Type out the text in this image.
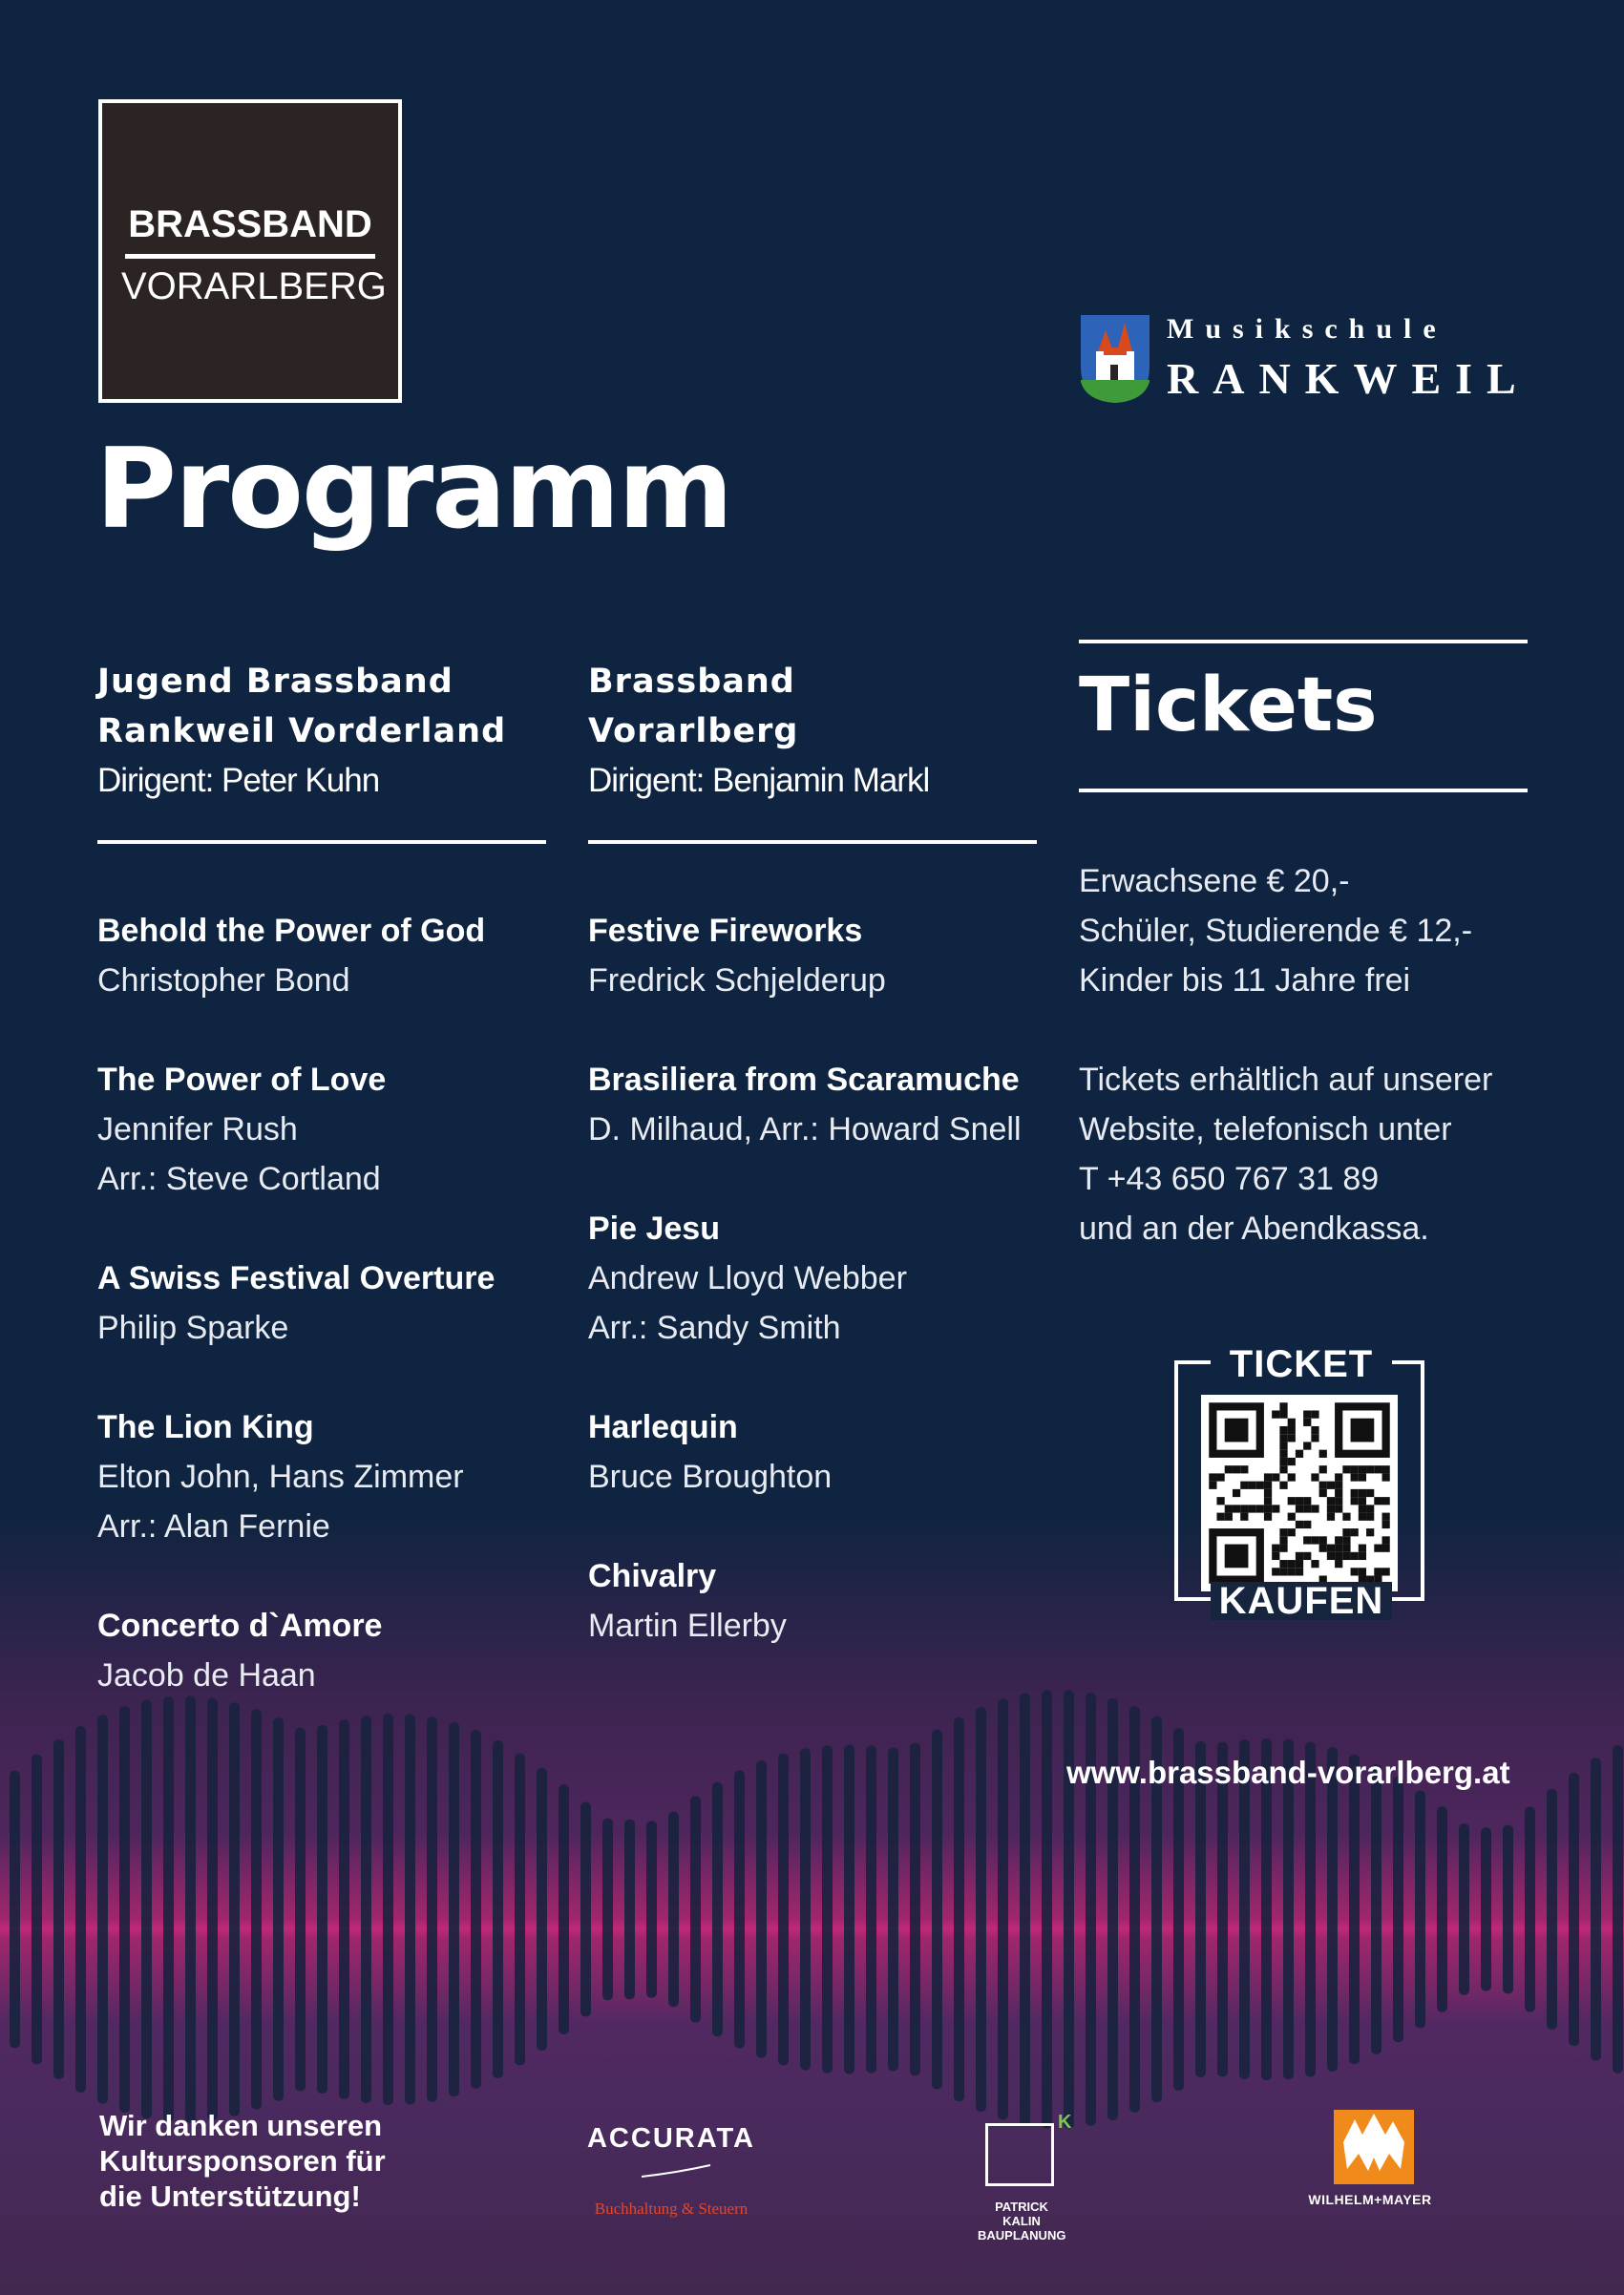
BRASSBAND
VORARLBERG
Musikschule
RANKWEIL
Programm
Jugend Brassband
Rankweil Vorderland
Dirigent: Peter Kuhn
Brassband
Vorarlberg
Dirigent: Benjamin Markl
Behold the Power of God
Christopher Bond
The Power of Love
Jennifer Rush
Arr.: Steve Cortland
A Swiss Festival Overture
Philip Sparke
The Lion King
Elton John, Hans Zimmer
Arr.: Alan Fernie
Concerto d`Amore
Jacob de Haan
Festive Fireworks
Fredrick Schjelderup
Brasiliera from Scaramuche
D. Milhaud, Arr.: Howard Snell
Pie Jesu
Andrew Lloyd Webber
Arr.: Sandy Smith
Harlequin
Bruce Broughton
Chivalry
Martin Ellerby
Tickets
Erwachsene € 20,-
Schüler, Studierende € 12,-
Kinder bis 11 Jahre frei
Tickets erhältlich auf unserer
Website, telefonisch unter
T +43 650 767 31 89
und an der Abendkassa.
TICKET
KAUFEN
www.brassband-vorarlberg.at
Wir danken unseren
Kultursponsoren für
die Unterstützung!
ACCURATA
Buchhaltung & Steuern
K
PATRICK KALIN
BAUPLANUNG
WILHELM+MAYER
